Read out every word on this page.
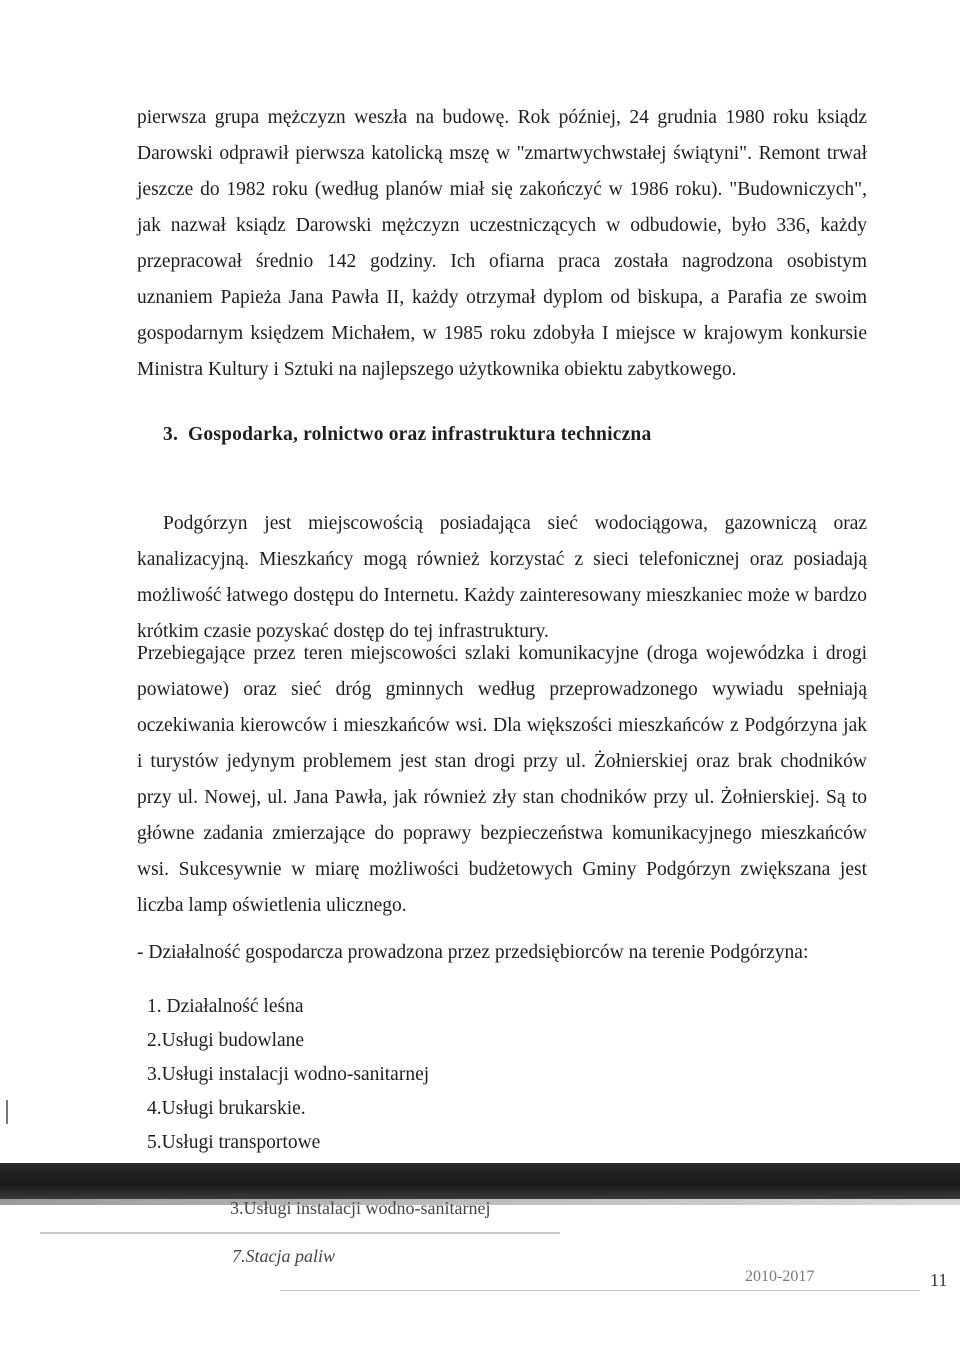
pierwsza grupa mężczyzn weszła na budowę. Rok później, 24 grudnia 1980 roku ksiądz Darowski odprawił pierwsza katolicką mszę w "zmartwychwstałej świątyni". Remont trwał jeszcze do 1982 roku (według planów miał się zakończyć w 1986 roku). "Budowniczych", jak nazwał ksiądz Darowski mężczyzn uczestniczących w odbudowie, było 336, każdy przepracował średnio 142 godziny. Ich ofiarna praca została nagrodzona osobistym uznaniem Papieża Jana Pawła II, każdy otrzymał dyplom od biskupa, a Parafia ze swoim gospodarnym księdzem Michałem, w 1985 roku zdobyła I miejsce w krajowym konkursie Ministra Kultury i Sztuki na najlepszego użytkownika obiektu zabytkowego.

3. Gospodarka, rolnictwo oraz infrastruktura techniczna

Podgórzyn jest miejscowością posiadająca sieć wodociągowa, gazowniczą oraz kanalizacyjną. Mieszkańcy mogą również korzystać z sieci telefonicznej oraz posiadają możliwość łatwego dostępu do Internetu. Każdy zainteresowany mieszkaniec może w bardzo krótkim czasie pozyskać dostęp do tej infrastruktury.

Przebiegające przez teren miejscowości szlaki komunikacyjne (droga wojewódzka i drogi powiatowe) oraz sieć dróg gminnych według przeprowadzonego wywiadu spełniają oczekiwania kierowców i mieszkańców wsi. Dla większości mieszkańców z Podgórzyna jak i turystów jedynym problemem jest stan drogi przy ul. Żołnierskiej oraz brak chodników przy ul. Nowej, ul. Jana Pawła, jak również zły stan chodników przy ul. Żołnierskiej. Są to główne zadania zmierzające do poprawy bezpieczeństwa komunikacyjnego mieszkańców wsi. Sukcesywnie w miarę możliwości budżetowych Gminy Podgórzyn zwiększana jest liczba lamp oświetlenia ulicznego.

- Działalność gospodarcza prowadzona przez przedsiębiorców na terenie Podgórzyna:

1. Działalność leśna
2.Usługi budowlane
3.Usługi instalacji wodno-sanitarnej
4.Usługi brukarskie.
5.Usługi transportowe

3.Usługi instalacji wodno-sanitarnej

7.Stacja paliw

2010-2017	11
